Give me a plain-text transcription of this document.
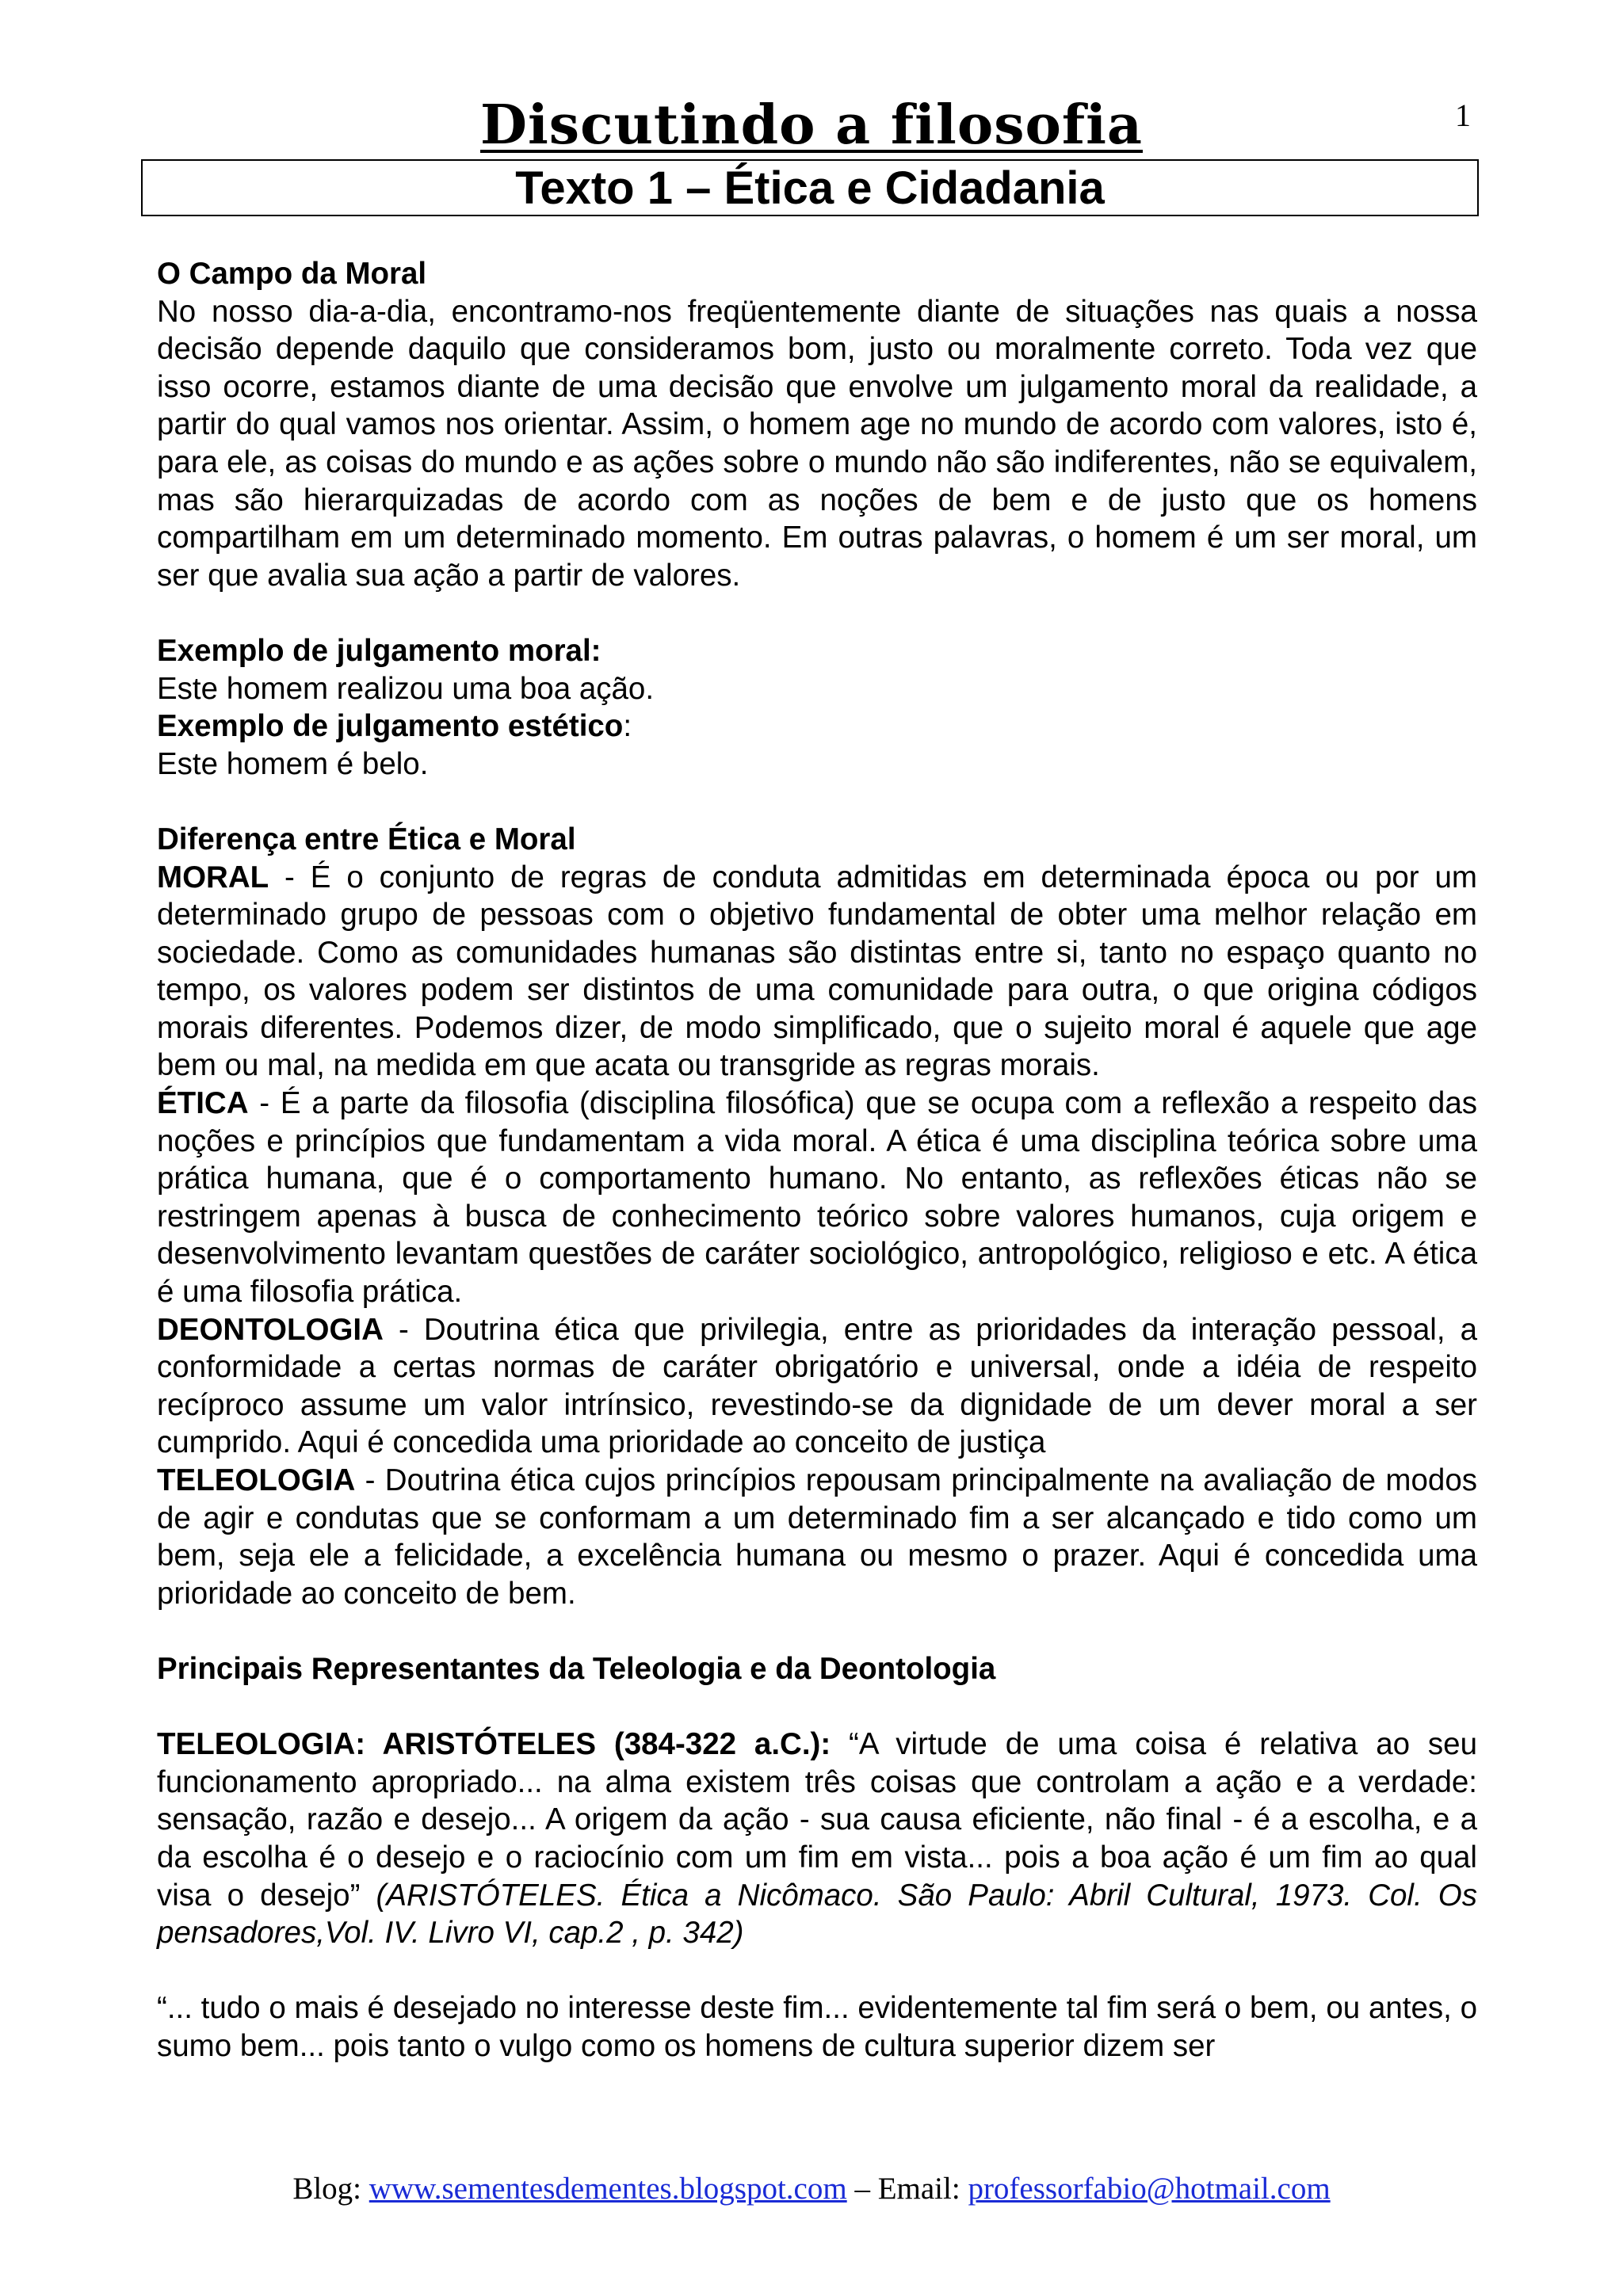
1
Discutindo a filosofia
Texto 1 – Ética e Cidadania
O Campo da Moral

No nosso dia-a-dia, encontramo-nos freqüentemente diante de situações nas quais a nossa decisão depende daquilo que consideramos bom, justo ou moralmente correto. Toda vez que isso ocorre, estamos diante de uma decisão que envolve um julgamento moral da realidade, a partir do qual vamos nos orientar. Assim, o homem age no mundo de acordo com valores, isto é, para ele, as coisas do mundo e as ações sobre o mundo não são indiferentes, não se equivalem, mas são hierarquizadas de acordo com as noções de bem e de justo que os homens compartilham em um determinado momento. Em outras palavras, o homem é um ser moral, um ser que avalia sua ação a partir de valores.

Exemplo de julgamento moral:

Este homem realizou uma boa ação.

Exemplo de julgamento estético:

Este homem é belo.

Diferença entre Ética e Moral

MORAL - É o conjunto de regras de conduta admitidas em determinada época ou por um determinado grupo de pessoas com o objetivo fundamental de obter uma melhor relação em sociedade. Como as comunidades humanas são distintas entre si, tanto no espaço quanto no tempo, os valores podem ser distintos de uma comunidade para outra, o que origina códigos morais diferentes. Podemos dizer, de modo simplificado, que o sujeito moral é aquele que age bem ou mal, na medida em que acata ou transgride as regras morais.

ÉTICA - É a parte da filosofia (disciplina filosófica) que se ocupa com a reflexão a respeito das noções e princípios que fundamentam a vida moral. A ética é uma disciplina teórica sobre uma prática humana, que é o comportamento humano. No entanto, as reflexões éticas não se restringem apenas à busca de conhecimento teórico sobre valores humanos, cuja origem e desenvolvimento levantam questões de caráter sociológico, antropológico, religioso e etc. A ética é uma filosofia prática.

DEONTOLOGIA - Doutrina ética que privilegia, entre as prioridades da interação pessoal, a conformidade a certas normas de caráter obrigatório e universal, onde a idéia de respeito recíproco assume um valor intrínsico, revestindo-se da dignidade de um dever moral a ser cumprido. Aqui é concedida uma prioridade ao conceito de justiça

TELEOLOGIA - Doutrina ética cujos princípios repousam principalmente na avaliação de modos de agir e condutas que se conformam a um determinado fim a ser alcançado e tido como um bem, seja ele a felicidade, a excelência humana ou mesmo o prazer. Aqui é concedida uma prioridade ao conceito de bem.

Principais Representantes da Teleologia e da Deontologia

TELEOLOGIA: ARISTÓTELES (384-322 a.C.): “A virtude de uma coisa é relativa ao seu funcionamento apropriado... na alma existem três coisas que controlam a ação e a verdade: sensação, razão e desejo... A origem da ação - sua causa eficiente, não final - é a escolha, e a da escolha é o desejo e o raciocínio com um fim em vista... pois a boa ação é um fim ao qual visa o desejo” (ARISTÓTELES. Ética a Nicômaco. São Paulo: Abril Cultural, 1973. Col. Os pensadores,Vol. IV. Livro VI, cap.2 , p. 342)

“... tudo o mais é desejado no interesse deste fim... evidentemente tal fim será o bem, ou antes, o sumo bem... pois tanto o vulgo como os homens de cultura superior dizem ser

Blog: www.sementesdementes.blogspot.com – Email: professorfabio@hotmail.com
